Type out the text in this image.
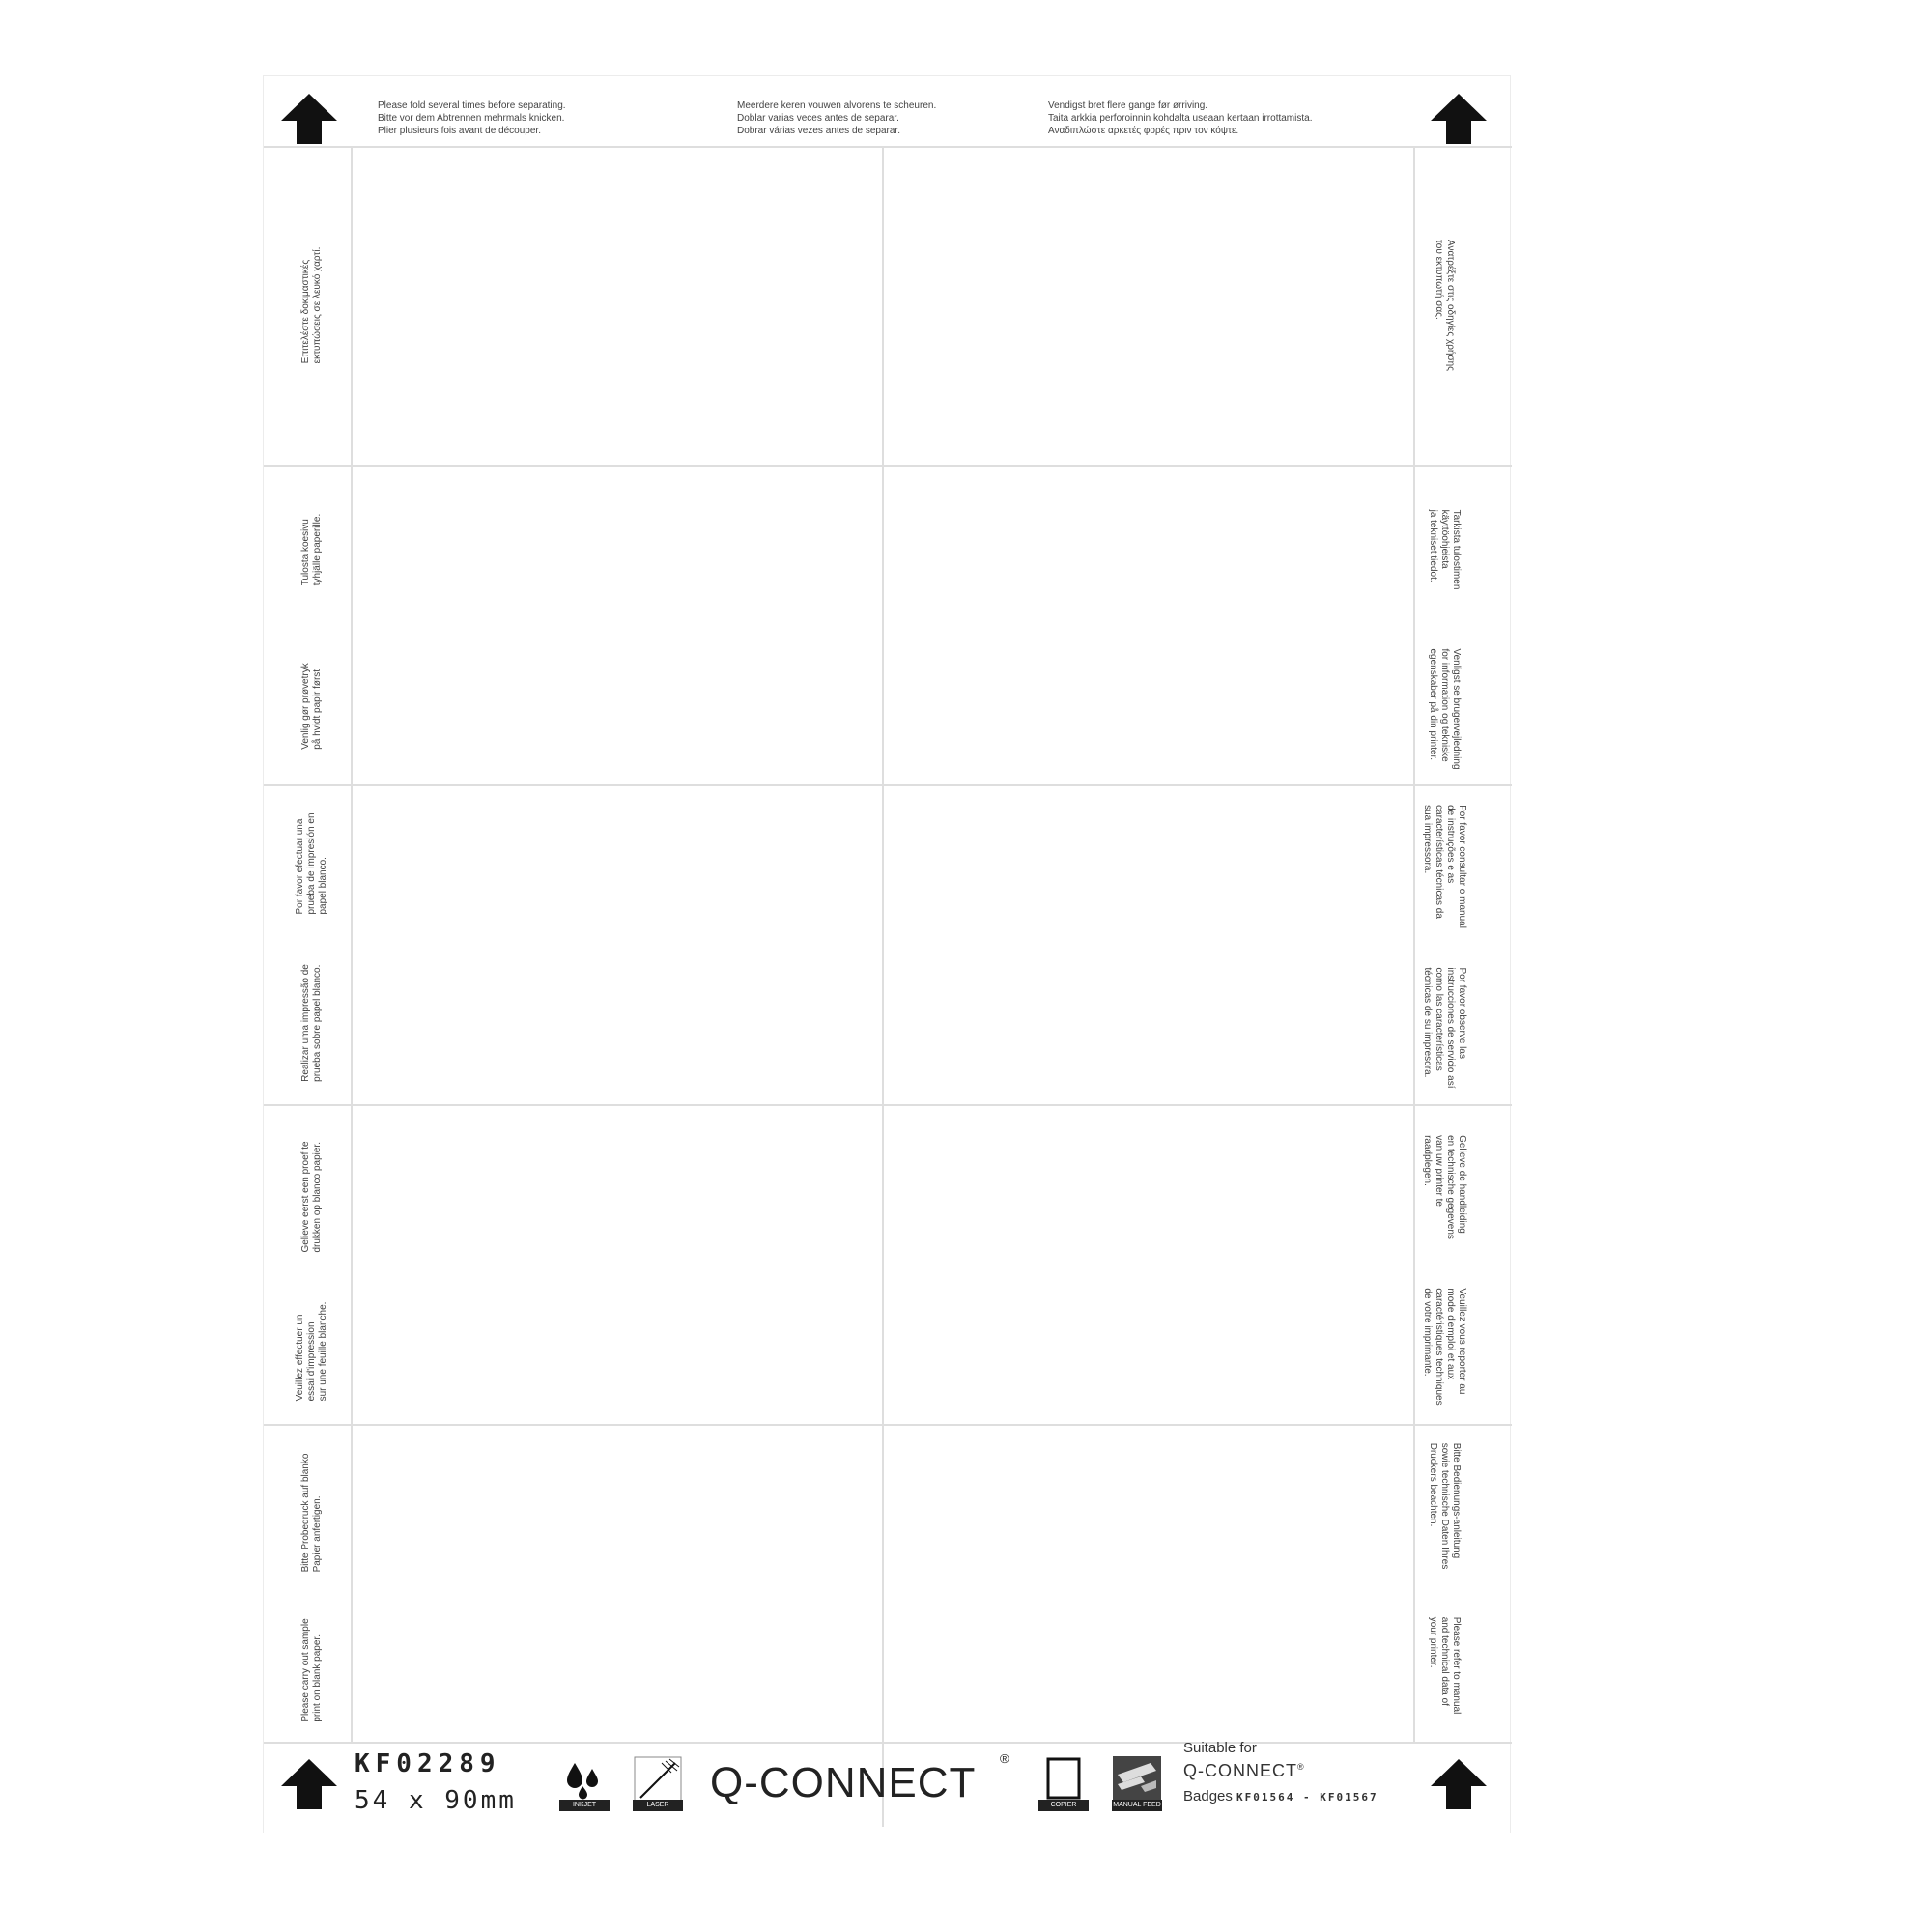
Please fold several times before separating.
Bitte vor dem Abtrennen mehrmals knicken.
Plier plusieurs fois avant de découper.
Meerdere keren vouwen alvorens te scheuren.
Doblar varias veces antes de separar.
Dobrar várias vezes antes de separar.
Vendigst bret flere gange før ørriving.
Taita arkkia perforoinnin kohdalta useaan kertaan irrottamista.
Αναδιπλώστε αρκετές φορές πριν τον κόψτε.
Επιτελέστε δοκιμαστικές εκτυπώσεις σε λευκό χαρτί.
Tulosta koesivu tyhjälle paperille.
Venlig gør prøvetryk på hvidt papir først.
Por favor efectuar una prueba de impresión en papel blanco.
Realizar uma impressão de prueba sobre papel blanco.
Gelieve eerst een proef te drukken op blanco papier.
Veuillez effectuer un essai d'impression sur une feuille blanche.
Bitte Probedruck auf blanko Papier anfertigen.
Please carry out sample print on blank paper.
Ανατρέξτε στις οδηγίες χρήσης
του εκτυπωτή σας.
Tarkista tulostimen
käyttöohjeista
ja tekniset tiedot.
Venligst se brugervejledning
for information og tekniske
egenskaber på din printer.
Por favor consultar o manual
de instruções e as
características técnicas da
sua impressora.
Por favor observe las
instrucciones de servicio así
como las características
técnicas de su impresora.
Gelieve de handleiding
en technische gegevens
van uw printer te
raadplegen.
Veuillez vous reporter au
mode d'emploi et aux
caractéristiques techniques
de votre imprimante.
Bitte Bedienungs-anleitung
sowie technische Daten Ihres
Druckers beachten.
Please refer to manual
and technical data of
your printer.
KF02289
54 x 90mm	INKJET	LASER Q-CONNECT
®
COPIER	MANUAL FEED
Suitable for
Q-CONNECT®
Badges KF01564 - KF01567
